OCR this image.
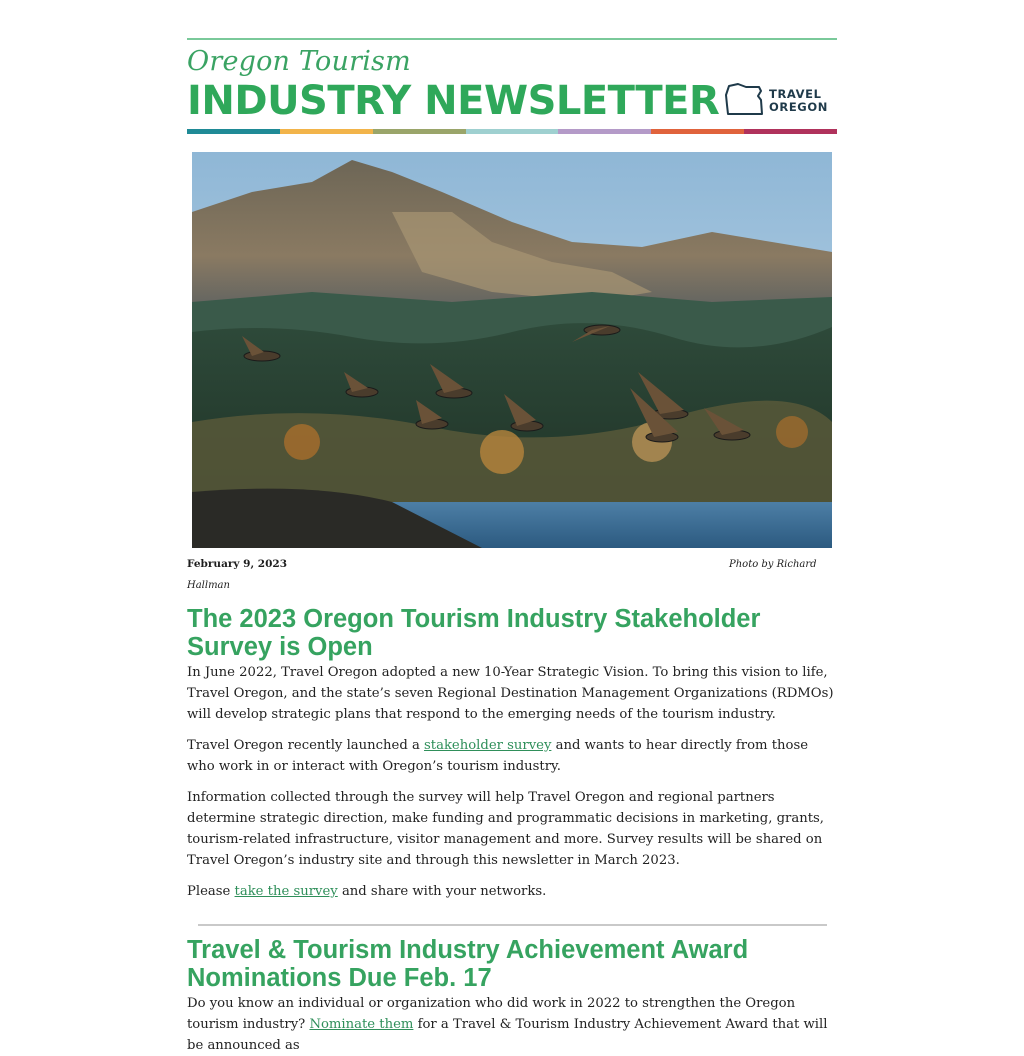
Oregon Tourism
INDUSTRY NEWSLETTER	TRAVEL
OREGON
February 9, 2023	Photo by Richard
Hallman
The 2023 Oregon Tourism Industry Stakeholder Survey is Open

In June 2022, Travel Oregon adopted a new 10-Year Strategic Vision. To bring this vision to life, Travel Oregon, and the state’s seven Regional Destination Management Organizations (RDMOs) will develop strategic plans that respond to the emerging needs of the tourism industry.

Travel Oregon recently launched a stakeholder survey and wants to hear directly from those who work in or interact with Oregon’s tourism industry.

Information collected through the survey will help Travel Oregon and regional partners determine strategic direction, make funding and programmatic decisions in marketing, grants, tourism-related infrastructure, visitor management and more. Survey results will be shared on Travel Oregon’s industry site and through this newsletter in March 2023.

Please take the survey and share with your networks.

Travel & Tourism Industry Achievement Award Nominations Due Feb. 17

Do you know an individual or organization who did work in 2022 to strengthen the Oregon tourism industry? Nominate them for a Travel & Tourism Industry Achievement Award that will be announced as
